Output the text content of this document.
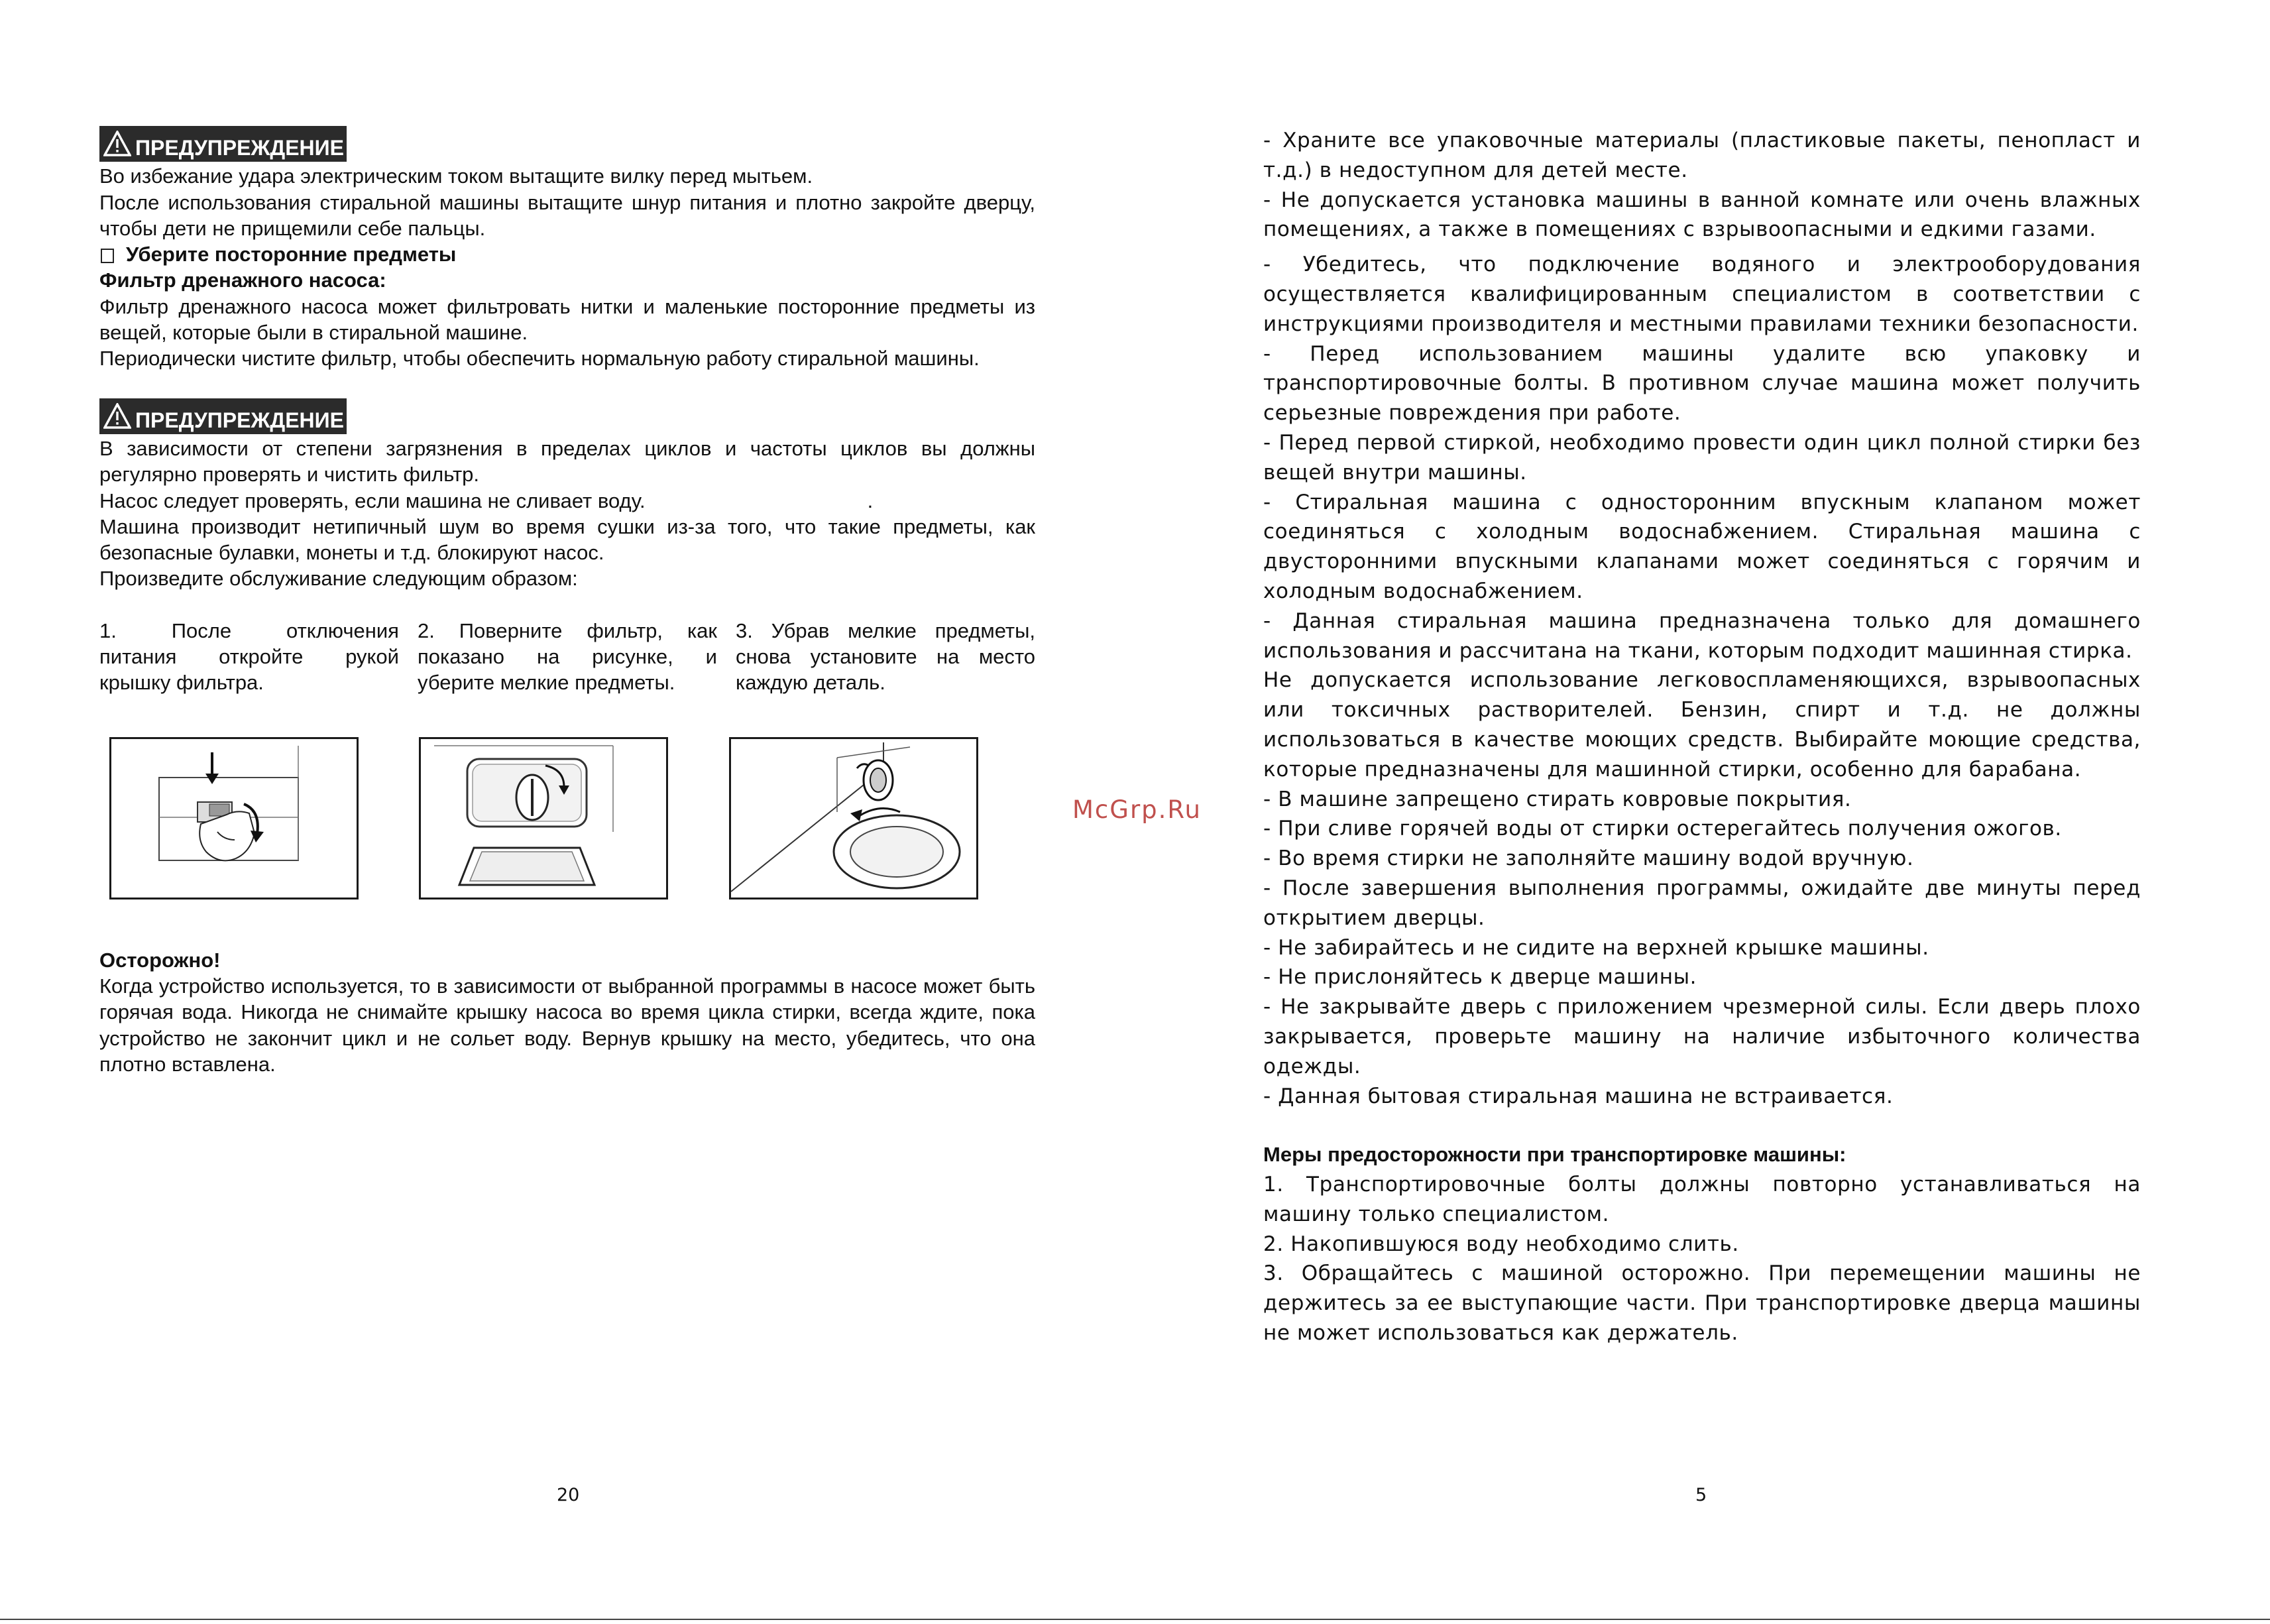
ПРЕДУПРЕЖДЕНИЕ

Во избежание удара электрическим током вытащите вилку перед мытьем.

После использования стиральной машины вытащите шнур питания и плотно закройте дверцу, чтобы дети не прищемили себе пальцы.

Уберите посторонние предметы

Фильтр дренажного насоса:

Фильтр дренажного насоса может фильтровать нитки и маленькие посторонние предметы из вещей, которые были в стиральной машине.

Периодически чистите фильтр, чтобы обеспечить нормальную работу стиральной машины.

ПРЕДУПРЕЖДЕНИЕ

В зависимости от степени загрязнения в пределах циклов и частоты циклов вы должны регулярно проверять и чистить фильтр.

Насос следует проверять, если машина не сливает воду.	.

Машина производит нетипичный шум во время сушки из-за того, что такие предметы, как безопасные булавки, монеты и т.д. блокируют насос.

Произведите обслуживание следующим образом:

1.	После	отключения

питания откройте рукой крышку фильтра.

2. Поверните фильтр, как показано на рисунке, и уберите мелкие предметы.

3. Убрав мелкие предметы, снова установите на место каждую деталь.

Осторожно!

Когда устройство используется, то в зависимости от выбранной программы в насосе может быть горячая вода. Никогда не снимайте крышку насоса во время цикла стирки, всегда ждите, пока устройство не закончит цикл и не сольет воду. Вернув крышку на место, убедитесь, что она плотно вставлена.

20
McGrp.Ru

- Храните все упаковочные материалы (пластиковые пакеты, пенопласт и т.д.) в недоступном для детей месте.

- Не допускается установка машины в ванной комнате или очень влажных помещениях, а также в помещениях с взрывоопасными и едкими газами.

- Убедитесь, что подключение водяного и электрооборудования осуществляется квалифицированным специалистом в соответствии с инструкциями производителя и местными правилами техники безопасности.

- Перед использованием машины удалите всю упаковку и транспортировочные болты. В противном случае машина может получить серьезные повреждения при работе.

- Перед первой стиркой, необходимо провести один цикл полной стирки без вещей внутри машины.

- Стиральная машина с односторонним впускным клапаном может соединяться с холодным водоснабжением. Стиральная машина с двусторонними впускными клапанами может соединяться с горячим и холодным водоснабжением.

- Данная стиральная машина предназначена только для домашнего использования и рассчитана на ткани, которым подходит машинная стирка.

Не допускается использование легковоспламеняющихся, взрывоопасных или токсичных растворителей. Бензин, спирт и т.д. не должны использоваться в качестве моющих средств. Выбирайте моющие средства, которые предназначены для машинной стирки, особенно для барабана.

- В машине запрещено стирать ковровые покрытия.

- При сливе горячей воды от стирки остерегайтесь получения ожогов.

- Во время стирки не заполняйте машину водой вручную.

- После завершения выполнения программы, ожидайте две минуты перед открытием дверцы.

- Не забирайтесь и не сидите на верхней крышке машины.

- Не прислоняйтесь к дверце машины.

- Не закрывайте дверь с приложением чрезмерной силы. Если дверь плохо закрывается, проверьте машину на наличие избыточного количества одежды.

- Данная бытовая стиральная машина не встраивается.

Меры предосторожности при транспортировке машины:

1. Транспортировочные болты должны повторно устанавливаться на машину только специалистом.

2. Накопившуюся воду необходимо слить.

3. Обращайтесь с машиной осторожно. При перемещении машины не держитесь за ее выступающие части. При транспортировке дверца машины не может использоваться как держатель.

5
